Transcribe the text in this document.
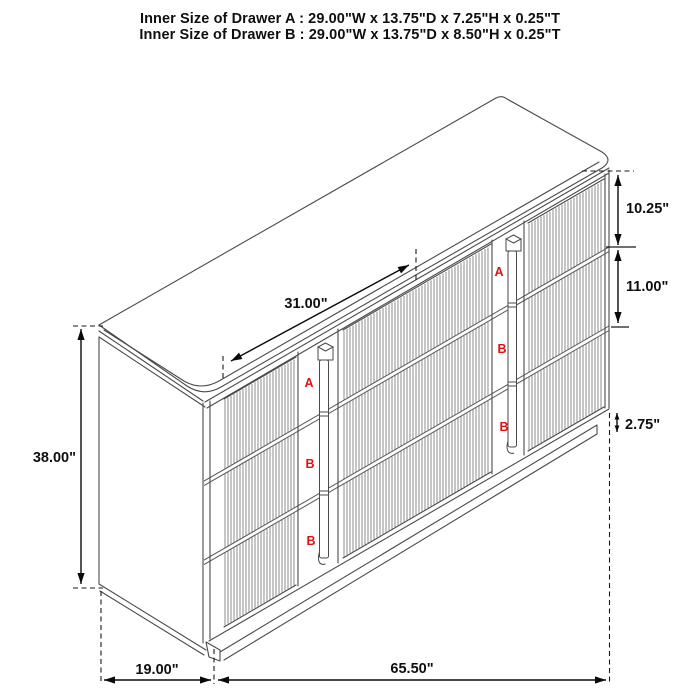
Inner Size of Drawer A : 29.00"W x 13.75"D x 7.25"H x 0.25"T
Inner Size of Drawer B : 29.00"W x 13.75"D x 8.50"H x 0.25"T
A
B
B
A
B
B
31.00"
10.25"
11.00"
2.75"
38.00"
19.00"	65.50"
